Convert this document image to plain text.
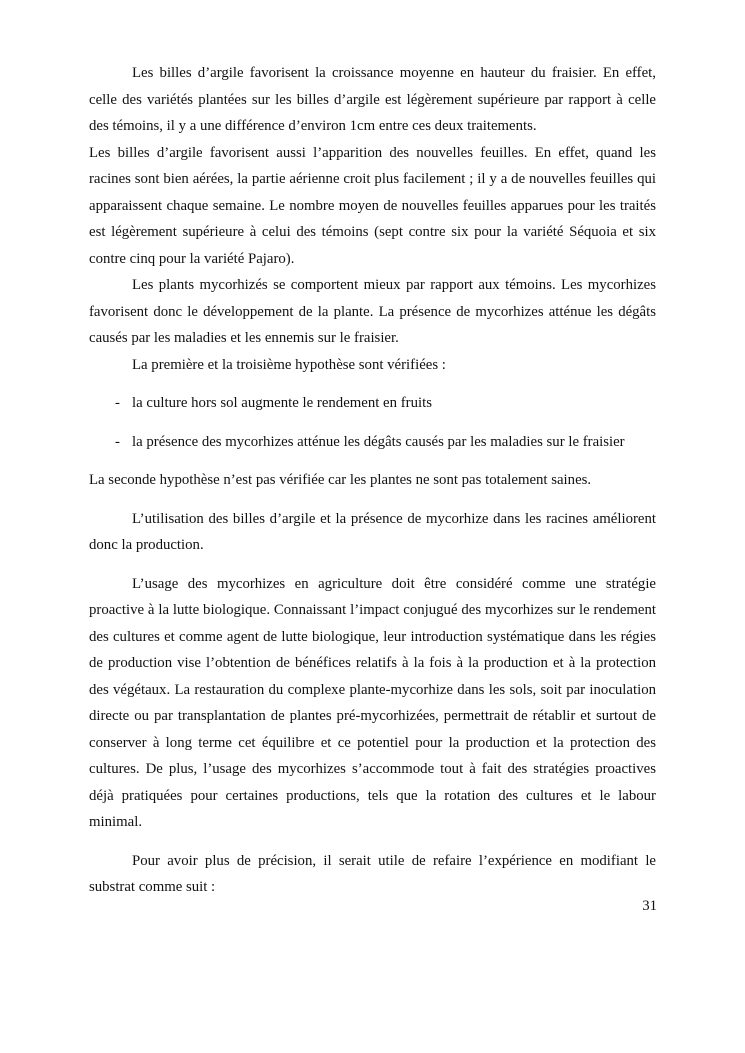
Les billes d’argile favorisent la croissance moyenne en hauteur du fraisier. En effet, celle des variétés plantées sur les billes d’argile est légèrement supérieure par rapport à celle des témoins, il y a une différence d’environ 1cm entre ces deux traitements.

Les billes d’argile favorisent aussi l’apparition des nouvelles feuilles. En effet, quand les racines sont bien aérées, la partie aérienne croit plus facilement ; il y a de nouvelles feuilles qui apparaissent chaque semaine. Le nombre moyen de nouvelles feuilles apparues pour les traités est légèrement supérieure à celui des témoins (sept contre six pour la variété Séquoia et six contre cinq pour la variété Pajaro).

Les plants mycorhizés se comportent mieux par rapport aux témoins. Les mycorhizes favorisent donc le développement de la plante. La présence de mycorhizes atténue les dégâts causés par les maladies et les ennemis sur le fraisier.

La première et la troisième hypothèse sont vérifiées :

- la culture hors sol augmente le rendement en fruits
- la présence des mycorhizes atténue les dégâts causés par les maladies sur le fraisier

La seconde hypothèse n’est pas vérifiée car les plantes ne sont pas totalement saines.

L’utilisation des billes d’argile et la présence de mycorhize dans les racines améliorent donc la production.

L’usage des mycorhizes en agriculture doit être considéré comme une stratégie proactive à la lutte biologique. Connaissant l’impact conjugué des mycorhizes sur le rendement des cultures et comme agent de lutte biologique, leur introduction systématique dans les régies de production vise l’obtention de bénéfices relatifs à la fois à la production et à la protection des végétaux. La restauration du complexe plante-mycorhize dans les sols, soit par inoculation directe ou par transplantation de plantes pré-mycorhizées, permettrait de rétablir et surtout de conserver à long terme cet équilibre et ce potentiel pour la production et la protection des cultures. De plus, l’usage des mycorhizes s’accommode tout à fait des stratégies proactives déjà pratiquées pour certaines productions, tels que la rotation des cultures et le labour minimal.

Pour avoir plus de précision, il serait utile de refaire l’expérience en modifiant le substrat comme suit :

31
